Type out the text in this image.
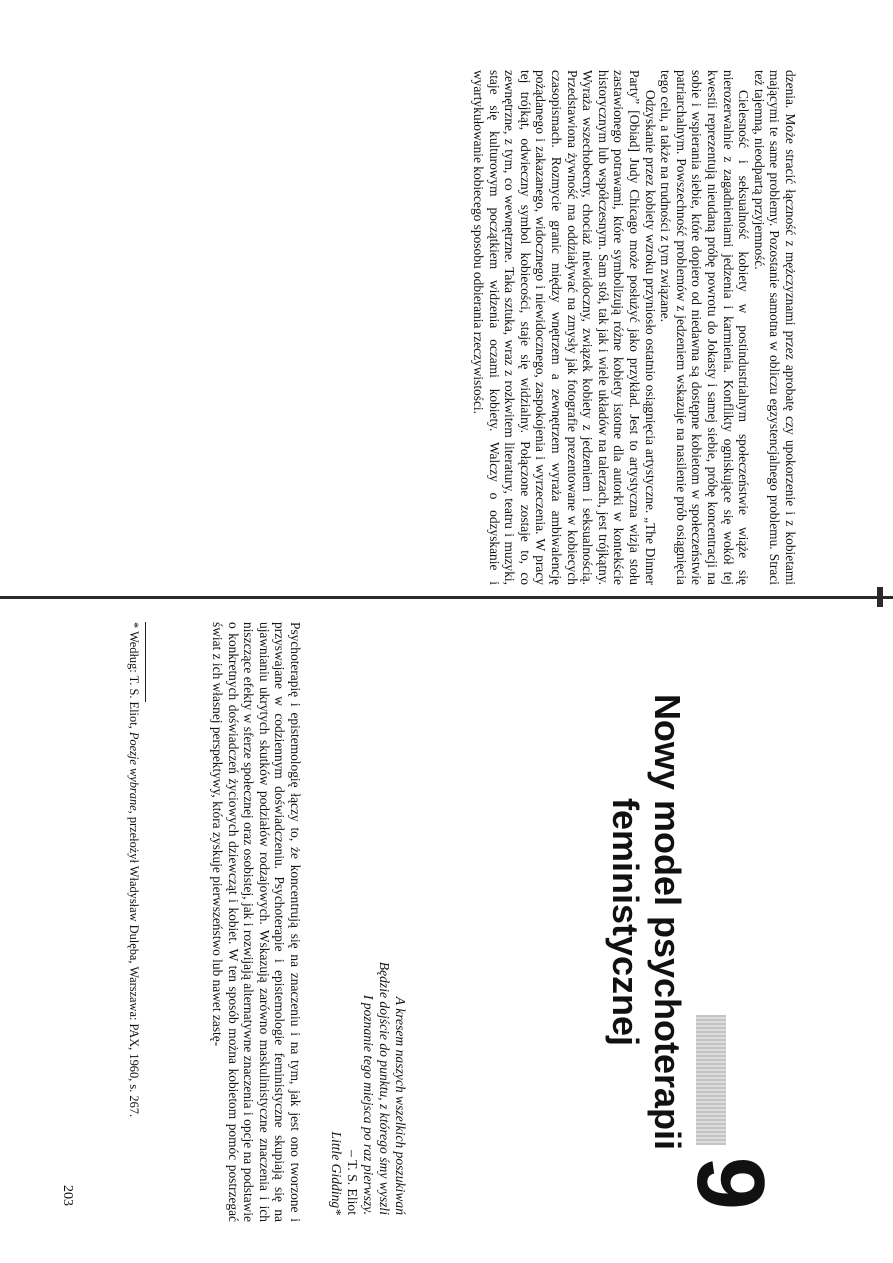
dzenia. Może stracić łączność z mężczyznami przez aprobatę czy upokorzenie i z kobietami mającymi te same problemy. Pozostanie samotna w obliczu egzystencjalnego problemu. Straci też tajemną, nieodpartą przyjemność.

Cielesność i seksualność kobiety w postindustrialnym społeczeństwie wiąże się nierozerwalnie z zagadnieniami jedzenia i karmienia. Konflikty ogniskujące się wokół tej kwestii reprezentują nieudaną próbę powrotu do Jokasty i samej siebie, próbę koncentracji na sobie i wspierania siebie, które dopiero od niedawna są dostępne kobietom w społeczeństwie patriarchalnym. Powszechność problemów z jedzeniem wskazuje na nasilenie prób osiągnięcia tego celu, a także na trudności z tym związane.

Odzyskanie przez kobiety wzroku przyniosło ostatnio osiągnięcia artystyczne. „The Dinner Party” [Obiad] Judy Chicago może posłużyć jako przykład. Jest to artystyczna wizja stołu zastawionego potrawami, które symbolizują różne kobiety istotne dla autorki w kontekście historycznym lub współczesnym. Sam stół, tak jak i wiele układów na talerzach, jest trójkątny. Wyraża wszechobecny, chociaż niewidoczny, związek kobiety z jedzeniem i seksualnością. Przedstawiona żywność ma oddziaływać na zmysły jak fotografie prezentowane w kobiecych czasopismach. Rozmycie granic między wnętrzem a zewnętrzem wyraża ambiwalencję pożądanego i zakazanego, widocznego i niewidocznego, zaspokojenia i wyrzeczenia. W pracy tej trójkąt, odwieczny symbol kobiecości, staje się widzialny. Połączone zostaje to, co zewnętrzne, z tym, co wewnętrzne. Taka sztuka, wraz z rozkwitem literatury, teatru i muzyki, staje się kulturowym początkiem widzenia oczami kobiety. Walczy o odzyskanie i wyartykułowanie kobiecego sposobu odbierania rzeczywistości.

9
Nowy model psychoterapii
feministycznej
A kresem naszych wszelkich poszukiwań
Będzie dojście do punktu, z którego śmy wyszli
I poznanie tego miejsca po raz pierwszy.
– T. S. Eliot
Little Gidding*

Psychoterapię i epistemologię łączy to, że koncentrują się na znaczeniu i na tym, jak jest ono tworzone i przyswajane w codziennym doświadczeniu. Psychoterapie i epistemologie feministyczne skupiają się na ujawnianiu ukrytych skutków podziałów rodzajowych. Wskazują zarówno maskulinistyczne znaczenia i ich niszczące efekty w sferze społecznej oraz osobistej, jak i rozwijają alternatywne znaczenia i opcje na podstawie o konkretnych doświadczeń życiowych dziewcząt i kobiet. W ten sposób można kobietom pomóc postrzegać świat z ich własnej perspektywy, która zyskuje pierwszeństwo lub nawet zastę-

* Według: T. S. Eliot, Poezje wybrane, przełożył Władysław Dulęba, Warszawa: PAX, 1960, s. 267.
203
